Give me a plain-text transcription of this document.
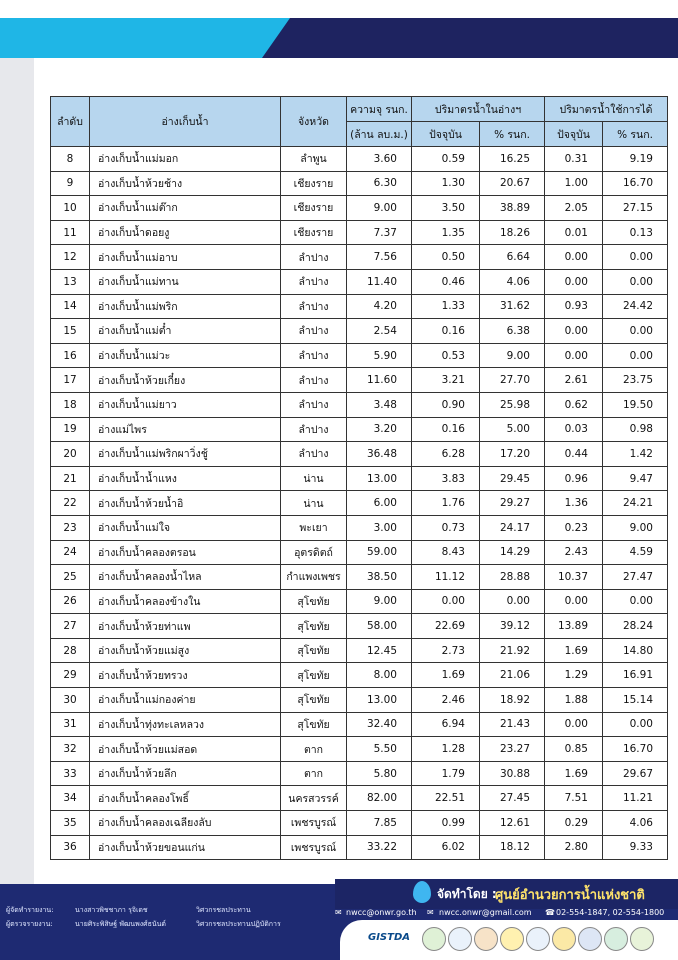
ลำดับ	อ่างเก็บน้ำ	จังหวัด	ความจุ รนก.	ปริมาตรน้ำในอ่างฯ		ปริมาตรน้ำใช้การได้	
			(ล้าน ลบ.ม.)	ปัจจุบัน	% รนก.	ปัจจุบัน	% รนก.
8	อ่างเก็บน้ำแม่มอก	ลำพูน	3.60	0.59	16.25	0.31	9.19
9	อ่างเก็บน้ำห้วยช้าง	เชียงราย	6.30	1.30	20.67	1.00	16.70
10	อ่างเก็บน้ำแม่ต๊าก	เชียงราย	9.00	3.50	38.89	2.05	27.15
11	อ่างเก็บน้ำดอยงู	เชียงราย	7.37	1.35	18.26	0.01	0.13
12	อ่างเก็บน้ำแม่อาบ	ลำปาง	7.56	0.50	6.64	0.00	0.00
13	อ่างเก็บน้ำแม่ทาน	ลำปาง	11.40	0.46	4.06	0.00	0.00
14	อ่างเก็บน้ำแม่พริก	ลำปาง	4.20	1.33	31.62	0.93	24.42
15	อ่างเก็บน้ำแม่ต๋ำ	ลำปาง	2.54	0.16	6.38	0.00	0.00
16	อ่างเก็บน้ำแม่วะ	ลำปาง	5.90	0.53	9.00	0.00	0.00
17	อ่างเก็บน้ำห้วยเกี๋ยง	ลำปาง	11.60	3.21	27.70	2.61	23.75
18	อ่างเก็บน้ำแม่ยาว	ลำปาง	3.48	0.90	25.98	0.62	19.50
19	อ่างแม่ไพร	ลำปาง	3.20	0.16	5.00	0.03	0.98
20	อ่างเก็บน้ำแม่พริกผาวิ่งชู้	ลำปาง	36.48	6.28	17.20	0.44	1.42
21	อ่างเก็บน้ำน้ำแหง	น่าน	13.00	3.83	29.45	0.96	9.47
22	อ่างเก็บน้ำห้วยน้ำอิ	น่าน	6.00	1.76	29.27	1.36	24.21
23	อ่างเก็บน้ำแม่ใจ	พะเยา	3.00	0.73	24.17	0.23	9.00
24	อ่างเก็บน้ำคลองตรอน	อุตรดิตถ์	59.00	8.43	14.29	2.43	4.59
25	อ่างเก็บน้ำคลองน้ำไหล	กำแพงเพชร	38.50	11.12	28.88	10.37	27.47
26	อ่างเก็บน้ำคลองข้างใน	สุโขทัย	9.00	0.00	0.00	0.00	0.00
27	อ่างเก็บน้ำห้วยท่าแพ	สุโขทัย	58.00	22.69	39.12	13.89	28.24
28	อ่างเก็บน้ำห้วยแม่สูง	สุโขทัย	12.45	2.73	21.92	1.69	14.80
29	อ่างเก็บน้ำห้วยทรวง	สุโขทัย	8.00	1.69	21.06	1.29	16.91
30	อ่างเก็บน้ำแม่กองค่าย	สุโขทัย	13.00	2.46	18.92	1.88	15.14
31	อ่างเก็บน้ำทุ่งทะเลหลวง	สุโขทัย	32.40	6.94	21.43	0.00	0.00
32	อ่างเก็บน้ำห้วยแม่สอด	ตาก	5.50	1.28	23.27	0.85	16.70
33	อ่างเก็บน้ำห้วยลึก	ตาก	5.80	1.79	30.88	1.69	29.67
34	อ่างเก็บน้ำคลองโพธิ์	นครสวรรค์	82.00	22.51	27.45	7.51	11.21
35	อ่างเก็บน้ำคลองเฉลียงลับ	เพชรบูรณ์	7.85	0.99	12.61	0.29	4.06
36	อ่างเก็บน้ำห้วยขอนแก่น	เพชรบูรณ์	33.22	6.02	18.12	2.80	9.33
ผู้จัดทำรายงาน:	นางสาวพิชชาภา รุจิเดช	วิศวกรชลประทาน
ผู้ตรวจรายงาน:	นายศิระพิสิษฐ์ พัฒนพงศ์ธนันต์	วิศวกรชลประทานปฏิบัติการ
จัดทำโดย :
ศูนย์อำนวยการน้ำแห่งชาติ
✉ nwcc@onwr.go.th ✉ nwcc.onwr@gmail.com ☎ 02-554-1847, 02-554-1800
GISTDA
